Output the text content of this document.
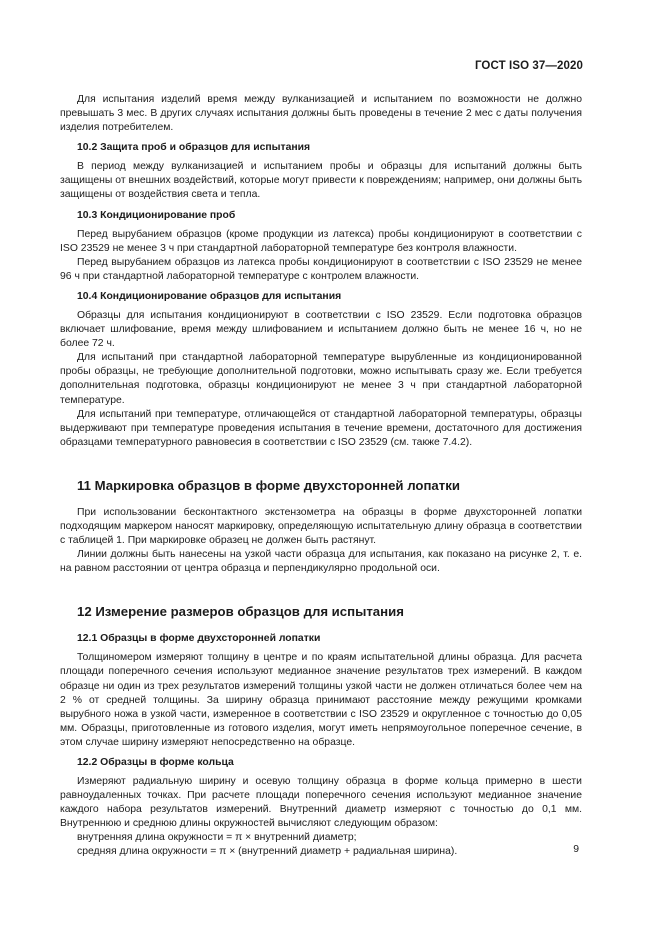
ГОСТ ISO 37—2020

Для испытания изделий время между вулканизацией и испытанием по возможности не должно превышать 3 мес. В других случаях испытания должны быть проведены в течение 2 мес с даты получения изделия потребителем.

10.2 Защита проб и образцов для испытания

В период между вулканизацией и испытанием пробы и образцы для испытаний должны быть защищены от внешних воздействий, которые могут привести к повреждениям; например, они должны быть защищены от воздействия света и тепла.

10.3 Кондиционирование проб

Перед вырубанием образцов (кроме продукции из латекса) пробы кондиционируют в соответствии с ISO 23529 не менее 3 ч при стандартной лабораторной температуре без контроля влажности.

Перед вырубанием образцов из латекса пробы кондиционируют в соответствии с ISO 23529 не менее 96 ч при стандартной лабораторной температуре с контролем влажности.

10.4 Кондиционирование образцов для испытания

Образцы для испытания кондиционируют в соответствии с ISO 23529. Если подготовка образцов включает шлифование, время между шлифованием и испытанием должно быть не менее 16 ч, но не более 72 ч.

Для испытаний при стандартной лабораторной температуре вырубленные из кондиционированной пробы образцы, не требующие дополнительной подготовки, можно испытывать сразу же. Если требуется дополнительная подготовка, образцы кондиционируют не менее 3 ч при стандартной лабораторной температуре.

Для испытаний при температуре, отличающейся от стандартной лабораторной температуры, образцы выдерживают при температуре проведения испытания в течение времени, достаточного для достижения образцами температурного равновесия в соответствии с ISO 23529 (см. также 7.4.2).

11 Маркировка образцов в форме двухсторонней лопатки

При использовании бесконтактного экстензометра на образцы в форме двухсторонней лопатки подходящим маркером наносят маркировку, определяющую испытательную длину образца в соответствии с таблицей 1. При маркировке образец не должен быть растянут.

Линии должны быть нанесены на узкой части образца для испытания, как показано на рисунке 2, т. е. на равном расстоянии от центра образца и перпендикулярно продольной оси.

12 Измерение размеров образцов для испытания
12.1 Образцы в форме двухсторонней лопатки

Толщиномером измеряют толщину в центре и по краям испытательной длины образца. Для расчета площади поперечного сечения используют медианное значение результатов трех измерений. В каждом образце ни один из трех результатов измерений толщины узкой части не должен отличаться более чем на 2 % от средней толщины. За ширину образца принимают расстояние между режущими кромками вырубного ножа в узкой части, измеренное в соответствии с ISO 23529 и округленное с точностью до 0,05 мм. Образцы, приготовленные из готового изделия, могут иметь непрямоугольное поперечное сечение, в этом случае ширину измеряют непосредственно на образце.

12.2 Образцы в форме кольца

Измеряют радиальную ширину и осевую толщину образца в форме кольца примерно в шести равноудаленных точках. При расчете площади поперечного сечения используют медианное значение каждого набора результатов измерений. Внутренний диаметр измеряют с точностью до 0,1 мм. Внутреннюю и среднюю длины окружностей вычисляют следующим образом:

внутренняя длина окружности = π × внутренний диаметр;

средняя длина окружности = π × (внутренний диаметр + радиальная ширина).	9
